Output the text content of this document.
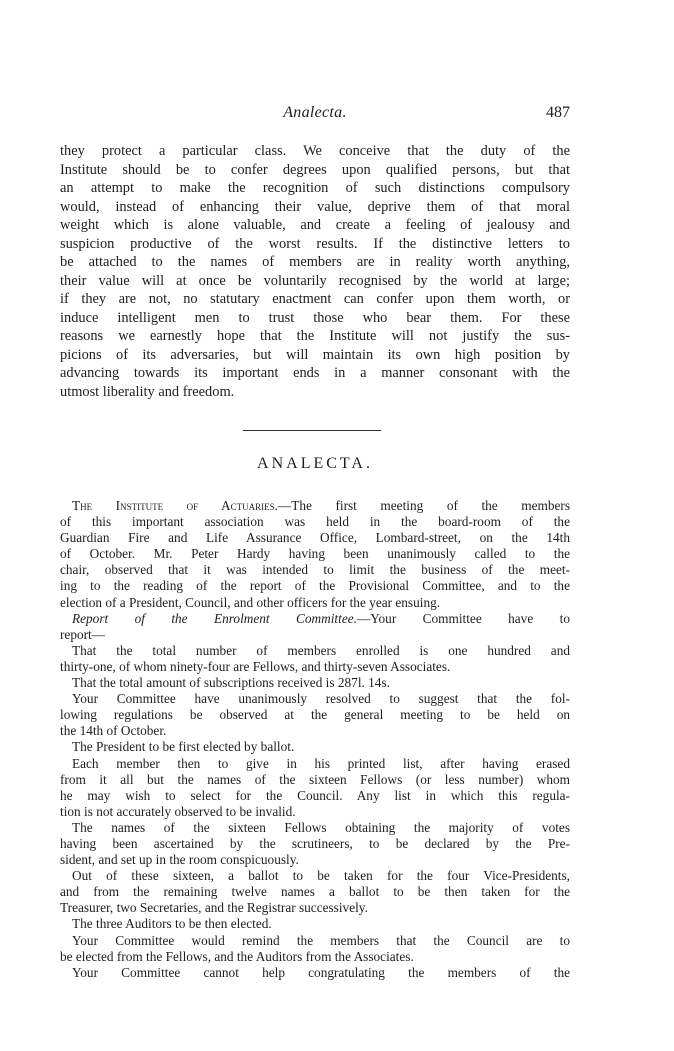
Analecta.	487
they protect a particular class. We conceive that the duty of the
Institute should be to confer degrees upon qualified persons, but that
an attempt to make the recognition of such distinctions compulsory
would, instead of enhancing their value, deprive them of that moral
weight which is alone valuable, and create a feeling of jealousy and
suspicion productive of the worst results. If the distinctive letters to
be attached to the names of members are in reality worth anything,
their value will at once be voluntarily recognised by the world at large;
if they are not, no statutary enactment can confer upon them worth, or
induce intelligent men to trust those who bear them. For these
reasons we earnestly hope that the Institute will not justify the sus-
picions of its adversaries, but will maintain its own high position by
advancing towards its important ends in a manner consonant with the
utmost liberality and freedom.
ANALECTA.
The Institute of Actuaries.—The first meeting of the members
of this important association was held in the board-room of the
Guardian Fire and Life Assurance Office, Lombard-street, on the 14th
of October. Mr. Peter Hardy having been unanimously called to the
chair, observed that it was intended to limit the business of the meet-
ing to the reading of the report of the Provisional Committee, and to the
election of a President, Council, and other officers for the year ensuing.
Report of the Enrolment Committee.—Your Committee have to
report—
That the total number of members enrolled is one hundred and
thirty-one, of whom ninety-four are Fellows, and thirty-seven Associates.
That the total amount of subscriptions received is 287l. 14s.
Your Committee have unanimously resolved to suggest that the fol-
lowing regulations be observed at the general meeting to be held on
the 14th of October.
The President to be first elected by ballot.
Each member then to give in his printed list, after having erased
from it all but the names of the sixteen Fellows (or less number) whom
he may wish to select for the Council. Any list in which this regula-
tion is not accurately observed to be invalid.
The names of the sixteen Fellows obtaining the majority of votes
having been ascertained by the scrutineers, to be declared by the Pre-
sident, and set up in the room conspicuously.
Out of these sixteen, a ballot to be taken for the four Vice-Presidents,
and from the remaining twelve names a ballot to be then taken for the
Treasurer, two Secretaries, and the Registrar successively.
The three Auditors to be then elected.
Your Committee would remind the members that the Council are to
be elected from the Fellows, and the Auditors from the Associates.
Your Committee cannot help congratulating the members of the
